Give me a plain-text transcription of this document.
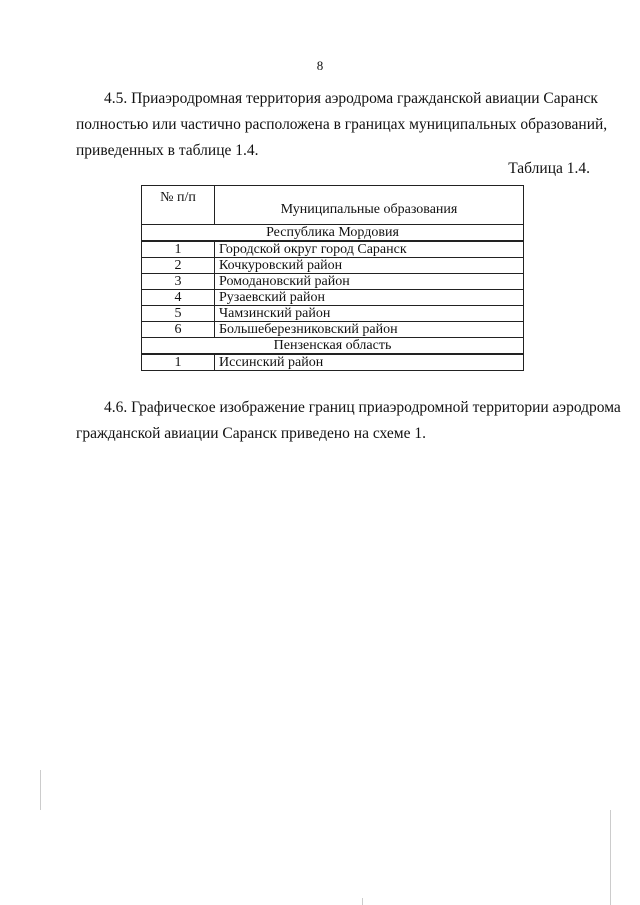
8
4.5. Приаэродромная территория аэродрома гражданской авиации Саранск
полностью или частично расположена в границах муниципальных образований,
приведенных в таблице 1.4.
Таблица 1.4.
№ п/п	Муниципальные образования
Республика Мордовия	
1	Городской округ город Саранск
2	Кочкуровский район
3	Ромодановский район
4	Рузаевский район
5	Чамзинский район
6	Большеберезниковский район
Пензенская область	
1	Иссинский район
4.6. Графическое изображение границ приаэродромной территории аэродрома
гражданской авиации Саранск приведено на схеме 1.
